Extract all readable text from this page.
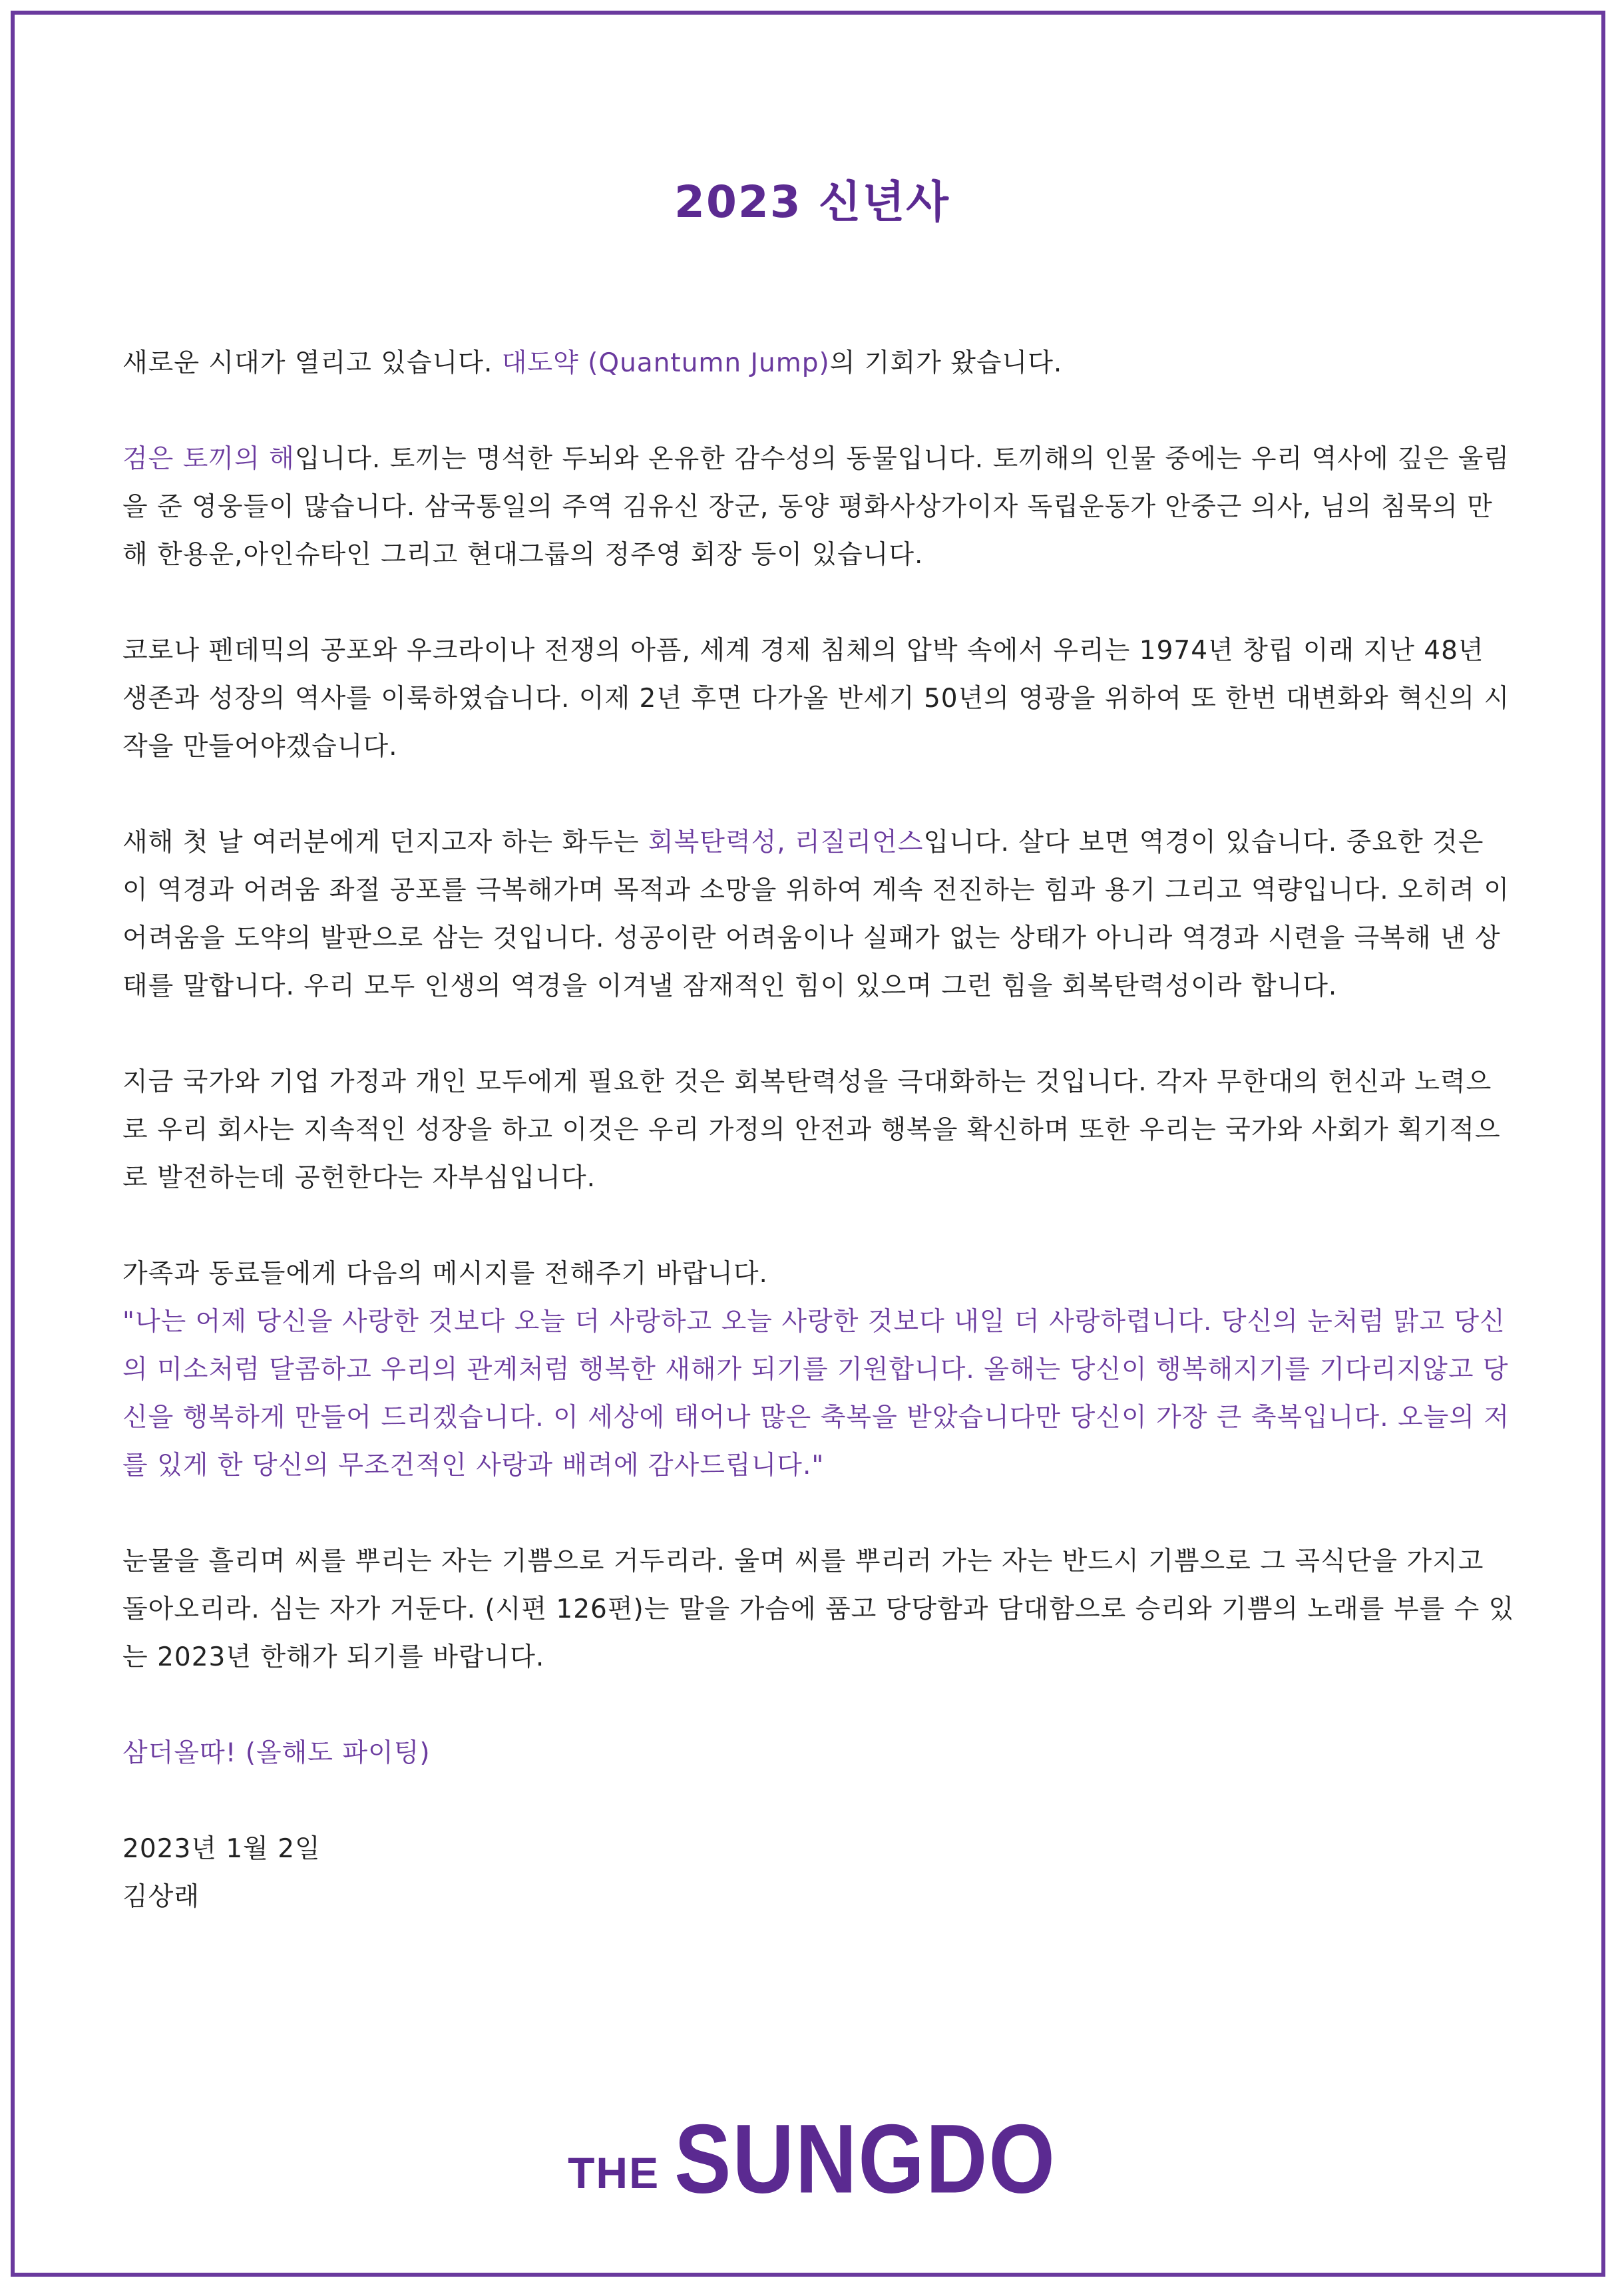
2023 신년사

새로운 시대가 열리고 있습니다. 대도약 (Quantumn Jump)의 기회가 왔습니다.

검은 토끼의 해입니다. 토끼는 명석한 두뇌와 온유한 감수성의 동물입니다. 토끼해의 인물 중에는 우리 역사에 깊은 울림을 준 영웅들이 많습니다. 삼국통일의 주역 김유신 장군, 동양 평화사상가이자 독립운동가 안중근 의사, 님의 침묵의 만해 한용운,아인슈타인 그리고 현대그룹의 정주영 회장 등이 있습니다.

코로나 펜데믹의 공포와 우크라이나 전쟁의 아픔, 세계 경제 침체의 압박 속에서 우리는 1974년 창립 이래 지난 48년 생존과 성장의 역사를 이룩하였습니다. 이제 2년 후면 다가올 반세기 50년의 영광을 위하여 또 한번 대변화와 혁신의 시작을 만들어야겠습니다.

새해 첫 날 여러분에게 던지고자 하는 화두는 회복탄력성, 리질리언스입니다. 살다 보면 역경이 있습니다. 중요한 것은 이 역경과 어려움 좌절 공포를 극복해가며 목적과 소망을 위하여 계속 전진하는 힘과 용기 그리고 역량입니다. 오히려 이 어려움을 도약의 발판으로 삼는 것입니다. 성공이란 어려움이나 실패가 없는 상태가 아니라 역경과 시련을 극복해 낸 상태를 말합니다. 우리 모두 인생의 역경을 이겨낼 잠재적인 힘이 있으며 그런 힘을 회복탄력성이라 합니다.

지금 국가와 기업 가정과 개인 모두에게 필요한 것은 회복탄력성을 극대화하는 것입니다. 각자 무한대의 헌신과 노력으로 우리 회사는 지속적인 성장을 하고 이것은 우리 가정의 안전과 행복을 확신하며 또한 우리는 국가와 사회가 획기적으로 발전하는데 공헌한다는 자부심입니다.

가족과 동료들에게 다음의 메시지를 전해주기 바랍니다.

"나는 어제 당신을 사랑한 것보다 오늘 더 사랑하고 오늘 사랑한 것보다 내일 더 사랑하렵니다. 당신의 눈처럼 맑고 당신의 미소처럼 달콤하고 우리의 관계처럼 행복한 새해가 되기를 기원합니다. 올해는 당신이 행복해지기를 기다리지않고 당신을 행복하게 만들어 드리겠습니다. 이 세상에 태어나 많은 축복을 받았습니다만 당신이 가장 큰 축복입니다. 오늘의 저를 있게 한 당신의 무조건적인 사랑과 배려에 감사드립니다."

눈물을 흘리며 씨를 뿌리는 자는 기쁨으로 거두리라. 울며 씨를 뿌리러 가는 자는 반드시 기쁨으로 그 곡식단을 가지고 돌아오리라. 심는 자가 거둔다. (시편 126편)는 말을 가슴에 품고 당당함과 담대함으로 승리와 기쁨의 노래를 부를 수 있는 2023년 한해가 되기를 바랍니다.

삼더올따! (올해도 파이팅)

2023년 1월 2일

김상래

THE SUNGDO
